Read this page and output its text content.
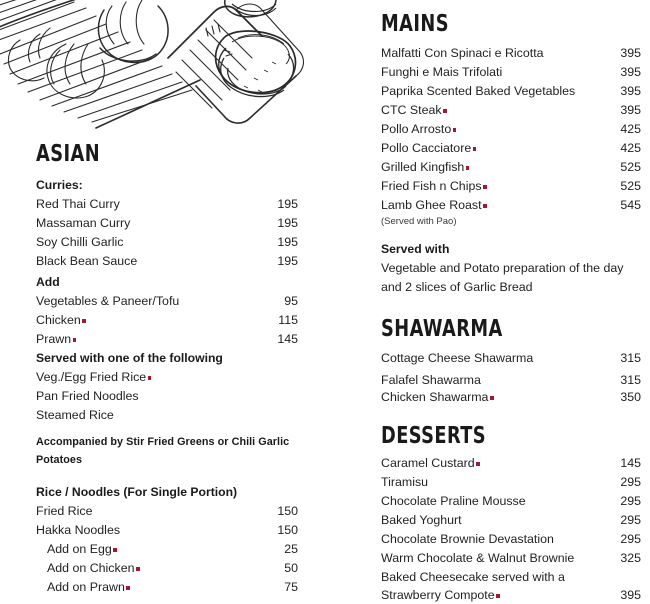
ASIAN
Curries:
Red Thai Curry	195
Massaman Curry	195
Soy Chilli Garlic	195
Black Bean Sauce	195
Add
Vegetables & Paneer/Tofu	95
Chicken	115
Prawn	145
Served with one of the following
Veg./Egg Fried Rice
Pan Fried Noodles
Steamed Rice
Accompanied by Stir Fried Greens or Chili Garlic Potatoes
Rice / Noodles (For Single Portion)
Fried Rice	150
Hakka Noodles	150
Add on Egg	25
Add on Chicken	50
Add on Prawn	75
MAINS
Malfatti Con Spinaci e Ricotta	395
Funghi e Mais Trifolati	395
Paprika Scented Baked Vegetables	395
CTC Steak	395
Pollo Arrosto	425
Pollo Cacciatore	425
Grilled Kingfish	525
Fried Fish n Chips	525
Lamb Ghee Roast	545
(Served with Pao)
Served with
Vegetable and Potato preparation of the day
and 2 slices of Garlic Bread
SHAWARMA
Cottage Cheese Shawarma	315
Falafel Shawarma	315
Chicken Shawarma	350
DESSERTS
Caramel Custard	145
Tiramisu	295
Chocolate Praline Mousse	295
Baked Yoghurt	295
Chocolate Brownie Devastation	295
Warm Chocolate & Walnut Brownie	325
Baked Cheesecake served with a
Strawberry Compote	395
